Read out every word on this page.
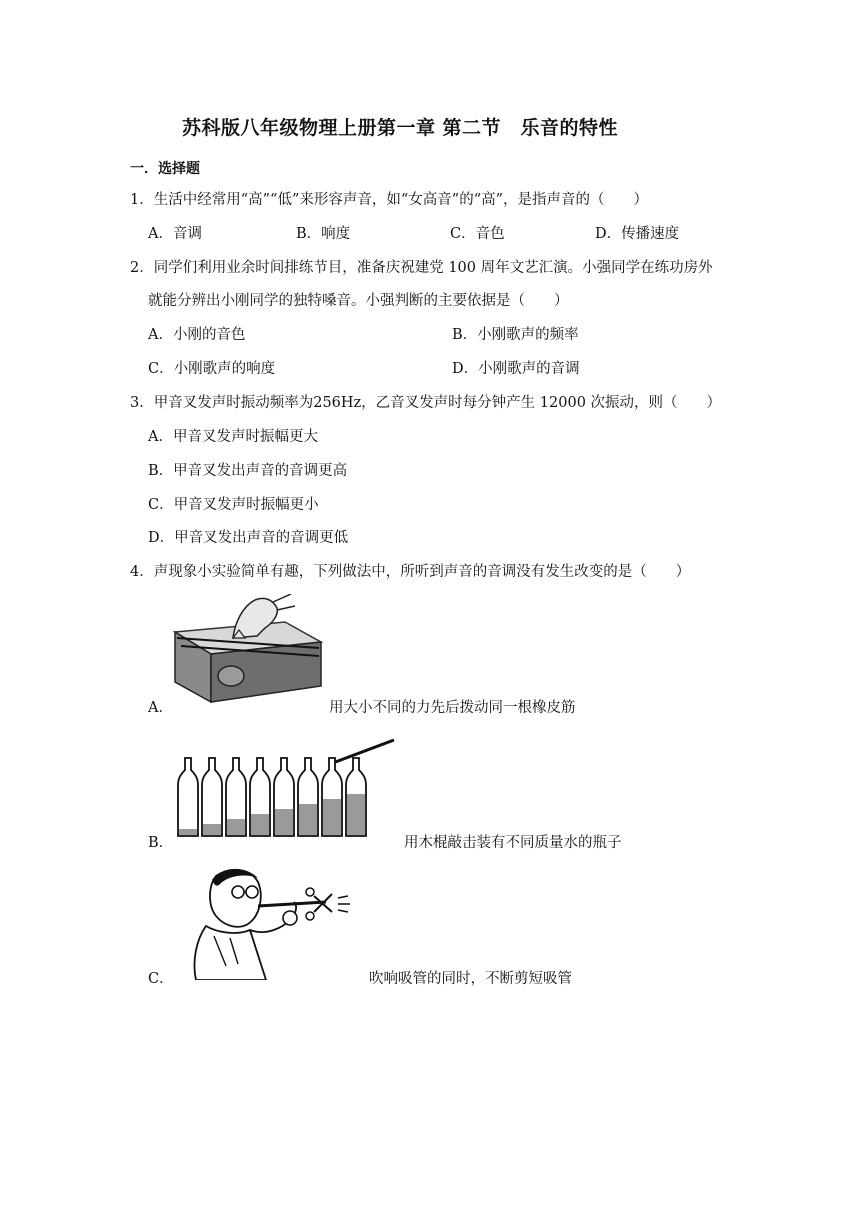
苏科版八年级物理上册第一章 第二节　乐音的特性
一．选择题
1．生活中经常用“高”“低”来形容声音，如“女高音”的“高”，是指声音的（　　）
A．音调	B．响度	C．音色	D．传播速度
2．同学们利用业余时间排练节目，准备庆祝建党 100 周年文艺汇演。小强同学在练功房外
就能分辨出小刚同学的独特嗓音。小强判断的主要依据是（　　）
A．小刚的音色	B．小刚歌声的频率
C．小刚歌声的响度	D．小刚歌声的音调
3．甲音叉发声时振动频率为256Hz，乙音叉发声时每分钟产生 12000 次振动，则（　　）
A．甲音叉发声时振幅更大
B．甲音叉发出声音的音调更高
C．甲音叉发声时振幅更小
D．甲音叉发出声音的音调更低
4．声现象小实验简单有趣，下列做法中，所听到声音的音调没有发生改变的是（　　）
A．	用大小不同的力先后拨动同一根橡皮筋
B．	用木棍敲击装有不同质量水的瓶子
C．	吹响吸管的同时，不断剪短吸管
